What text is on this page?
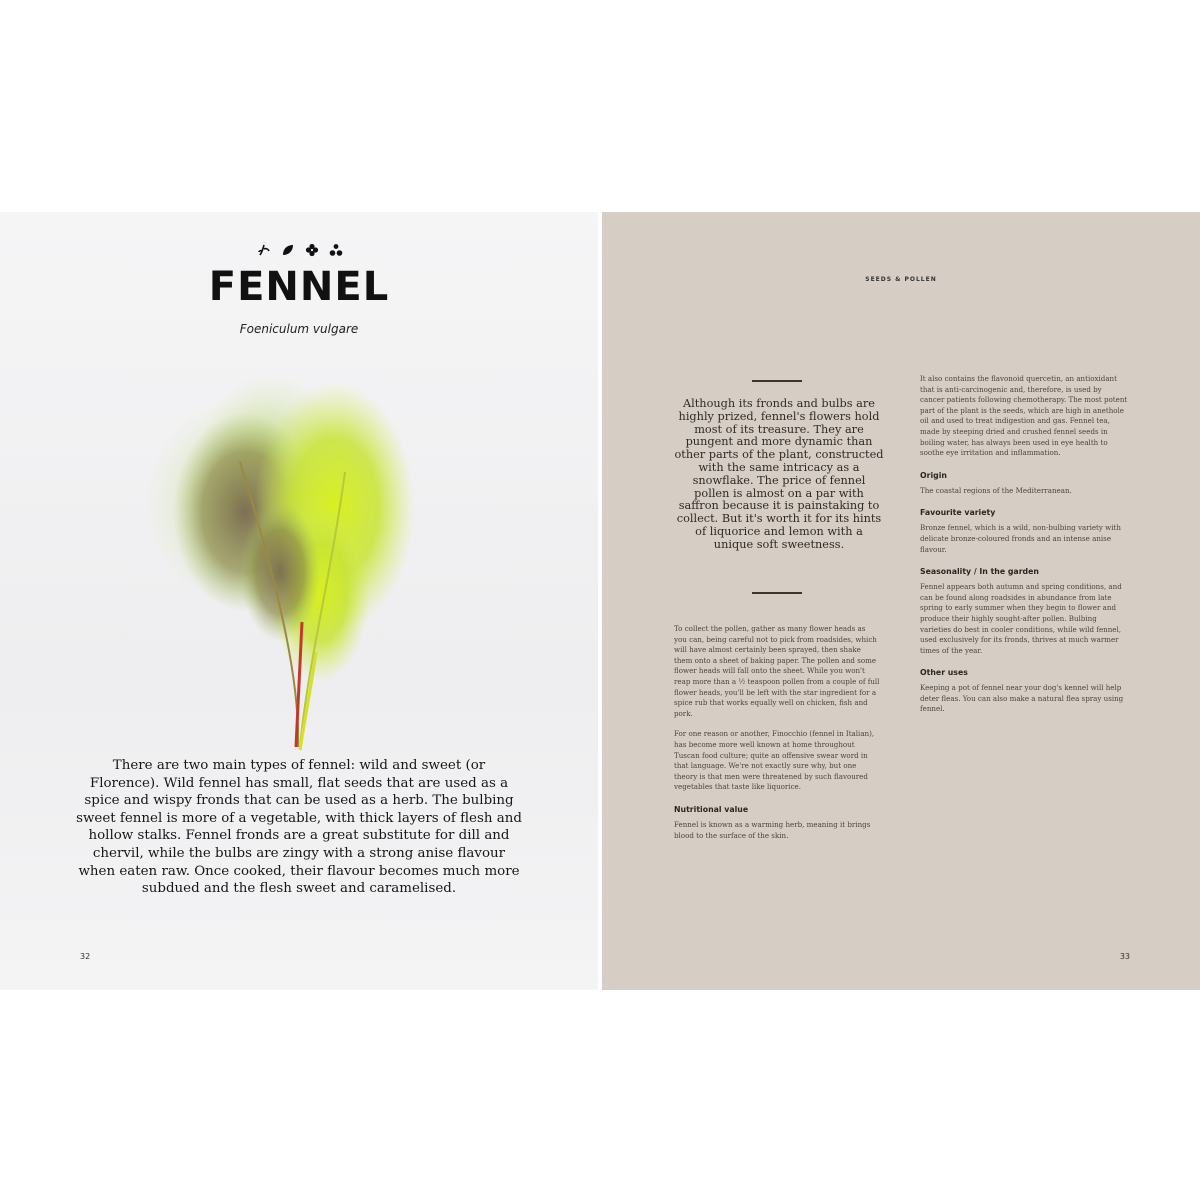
FENNEL
Foeniculum vulgare

There are two main types of fennel: wild and sweet (or Florence). Wild fennel has small, flat seeds that are used as a spice and wispy fronds that can be used as a herb. The bulbing sweet fennel is more of a vegetable, with thick layers of flesh and hollow stalks. Fennel fronds are a great substitute for dill and chervil, while the bulbs are zingy with a strong anise flavour when eaten raw. Once cooked, their flavour becomes much more subdued and the flesh sweet and caramelised.

32
SEEDS & POLLEN

Although its fronds and bulbs are highly prized, fennel's flowers hold most of its treasure. They are pungent and more dynamic than other parts of the plant, constructed with the same intricacy as a snowflake. The price of fennel pollen is almost on a par with saffron because it is painstaking to collect. But it's worth it for its hints of liquorice and lemon with a unique soft sweetness.

To collect the pollen, gather as many flower heads as you can, being careful not to pick from roadsides, which will have almost certainly been sprayed, then shake them onto a sheet of baking paper. The pollen and some flower heads will fall onto the sheet. While you won't reap more than a ½ teaspoon pollen from a couple of full flower heads, you'll be left with the star ingredient for a spice rub that works equally well on chicken, fish and pork.

For one reason or another, Finocchio (fennel in Italian), has become more well known at home throughout Tuscan food culture; quite an offensive swear word in that language. We're not exactly sure why, but one theory is that men were threatened by such flavoured vegetables that taste like liquorice.

Nutritional value

Fennel is known as a warming herb, meaning it brings blood to the surface of the skin.

It also contains the flavonoid quercetin, an antioxidant that is anti-carcinogenic and, therefore, is used by cancer patients following chemotherapy. The most potent part of the plant is the seeds, which are high in anethole oil and used to treat indigestion and gas. Fennel tea, made by steeping dried and crushed fennel seeds in boiling water, has always been used in eye health to soothe eye irritation and inflammation.

Origin

The coastal regions of the Mediterranean.

Favourite variety

Bronze fennel, which is a wild, non-bulbing variety with delicate bronze-coloured fronds and an intense anise flavour.

Seasonality / In the garden

Fennel appears both autumn and spring conditions, and can be found along roadsides in abundance from late spring to early summer when they begin to flower and produce their highly sought-after pollen. Bulbing varieties do best in cooler conditions, while wild fennel, used exclusively for its fronds, thrives at much warmer times of the year.

Other uses

Keeping a pot of fennel near your dog's kennel will help deter fleas. You can also make a natural flea spray using fennel.

33
